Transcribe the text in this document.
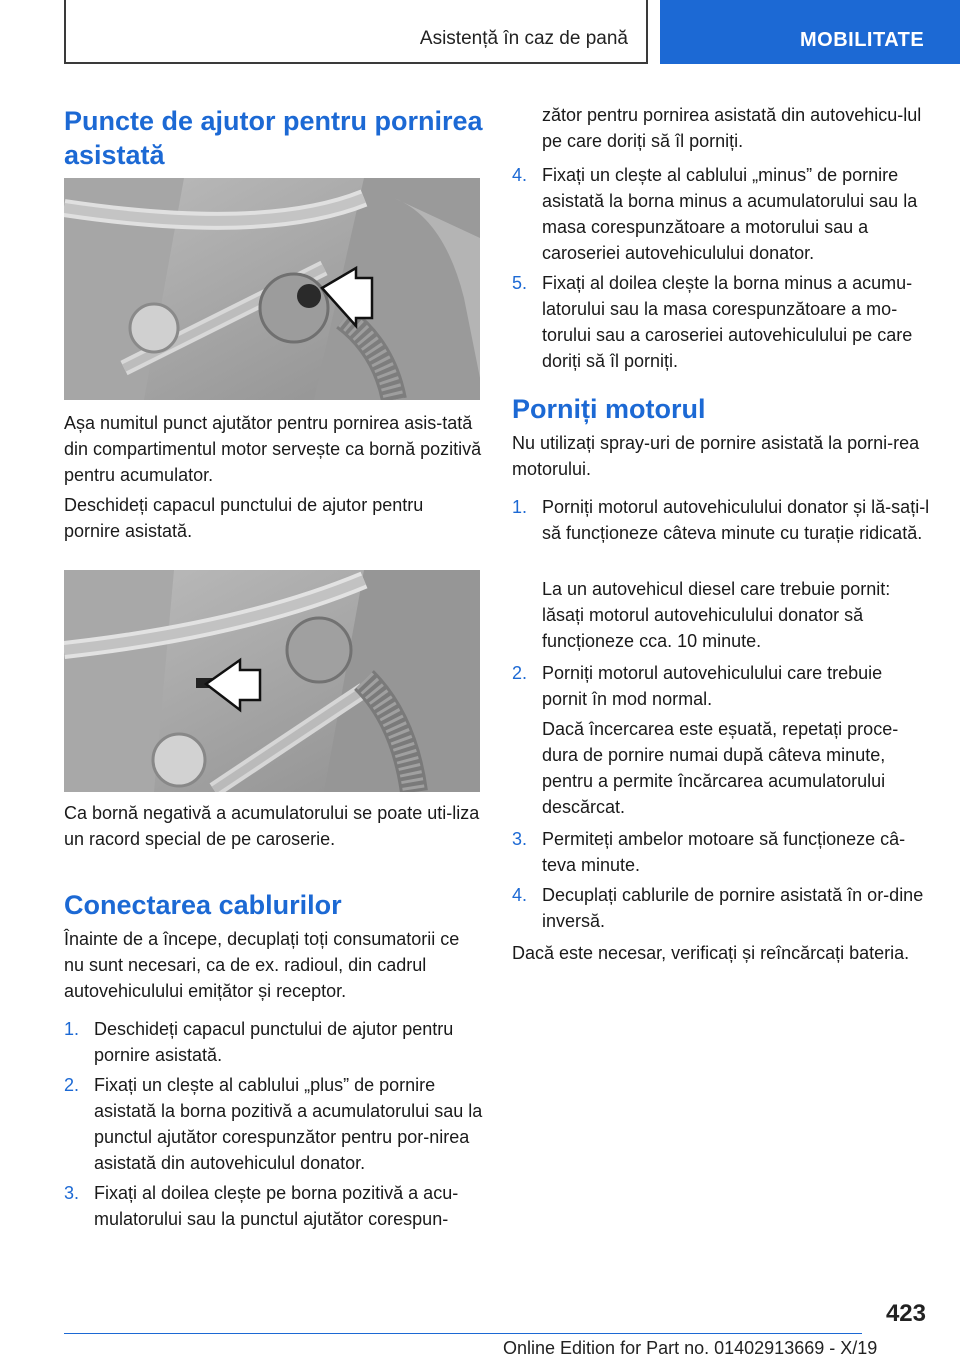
Asistență în caz de pană	MOBILITATE
Puncte de ajutor pentru pornirea asistată

Așa numitul punct ajutător pentru pornirea asis-tată din compartimentul motor servește ca bornă pozitivă pentru acumulator.

Deschideți capacul punctului de ajutor pentru pornire asistată.

Ca bornă negativă a acumulatorului se poate uti-liza un racord special de pe caroserie.

Conectarea cablurilor

Înainte de a începe, decuplați toți consumatorii ce nu sunt necesari, ca de ex. radioul, din cadrul autovehiculului emițător și receptor.

1. Deschideți capacul punctului de ajutor pentru pornire asistată.
2. Fixați un clește al cablului „plus” de pornire asistată la borna pozitivă a acumulatorului sau la punctul ajutător corespunzător pentru por-nirea asistată din autovehiculul donator.
3. Fixați al doilea clește pe borna pozitivă a acu-mulatorului sau la punctul ajutător corespun-

zător pentru pornirea asistată din autovehicu-lul pe care doriți să îl porniți.

4. Fixați un clește al cablului „minus” de pornire asistată la borna minus a acumulatorului sau la masa corespunzătoare a motorului sau a caroseriei autovehiculului donator.
5. Fixați al doilea clește la borna minus a acumu-latorului sau la masa corespunzătoare a mo-torului sau a caroseriei autovehiculului pe care doriți să îl porniți.
Porniți motorul

Nu utilizați spray-uri de pornire asistată la porni-rea motorului.

1. Porniți motorul autovehiculului donator și lă-sați-l să funcționeze câteva minute cu turație ridicată.
La un autovehicul diesel care trebuie pornit: lăsați motorul autovehiculului donator să funcționeze cca. 10 minute.
2. Porniți motorul autovehiculului care trebuie pornit în mod normal.
Dacă încercarea este eșuată, repetați proce-dura de pornire numai după câteva minute, pentru a permite încărcarea acumulatorului descărcat.
3. Permiteți ambelor motoare să funcționeze câ-teva minute.
4. Decuplați cablurile de pornire asistată în or-dine inversă.

Dacă este necesar, verificați și reîncărcați bateria.

423
Online Edition for Part no. 01402913669 - X/19
